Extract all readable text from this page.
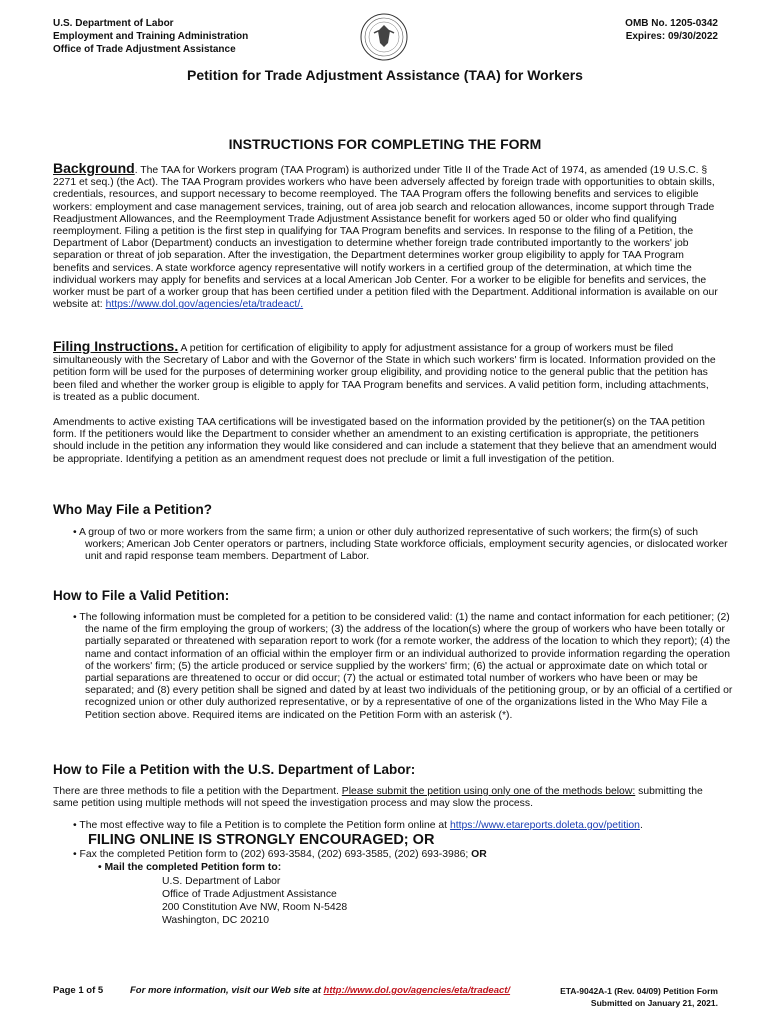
U.S. Department of Labor
Employment and Training Administration
Office of Trade Adjustment Assistance
OMB No. 1205-0342
Expires: 09/30/2022
Petition for Trade Adjustment Assistance (TAA) for Workers
INSTRUCTIONS FOR COMPLETING THE FORM

Background. The TAA for Workers program (TAA Program) is authorized under Title II of the Trade Act of 1974, as amended (19 U.S.C. § 2271 et seq.) (the Act). The TAA Program provides workers who have been adversely affected by foreign trade with opportunities to obtain skills, credentials, resources, and support necessary to become reemployed. The TAA Program offers the following benefits and services to eligible workers: employment and case management services, training, out of area job search and relocation allowances, income support through Trade Readjustment Allowances, and the Reemployment Trade Adjustment Assistance benefit for workers aged 50 or older who find qualifying reemployment. Filing a petition is the first step in qualifying for TAA Program benefits and services. In response to the filing of a Petition, the Department of Labor (Department) conducts an investigation to determine whether foreign trade contributed importantly to the workers' job separation or threat of job separation. After the investigation, the Department determines worker group eligibility to apply for TAA Program benefits and services. A state workforce agency representative will notify workers in a certified group of the determination, at which time the individual workers may apply for benefits and services at a local American Job Center. For a worker to be eligible for benefits and services, the worker must be part of a worker group that has been certified under a petition filed with the Department. Additional information is available on our website at: https://www.dol.gov/agencies/eta/tradeact/.

Filing Instructions. A petition for certification of eligibility to apply for adjustment assistance for a group of workers must be filed simultaneously with the Secretary of Labor and with the Governor of the State in which such workers' firm is located. Information provided on the petition form will be used for the purposes of determining worker group eligibility, and providing notice to the general public that the petition has been filed and whether the worker group is eligible to apply for TAA Program benefits and services. A valid petition form, including attachments, is treated as a public document.

Amendments to active existing TAA certifications will be investigated based on the information provided by the petitioner(s) on the TAA petition form. If the petitioners would like the Department to consider whether an amendment to an existing certification is appropriate, the petitioners should include in the petition any information they would like considered and can include a statement that they believe that an amendment would be appropriate. Identifying a petition as an amendment request does not preclude or limit a full investigation of the petition.

Who May File a Petition?

• A group of two or more workers from the same firm; a union or other duly authorized representative of such workers; the firm(s) of such workers; American Job Center operators or partners, including State workforce officials, employment security agencies, or dislocated worker unit and rapid response team members. Department of Labor.

How to File a Valid Petition:

• The following information must be completed for a petition to be considered valid: (1) the name and contact information for each petitioner; (2) the name of the firm employing the group of workers; (3) the address of the location(s) where the group of workers who have been totally or partially separated or threatened with separation report to work (for a remote worker, the address of the location to which they report); (4) the name and contact information of an official within the employer firm or an individual authorized to provide information regarding the operation of the workers' firm; (5) the article produced or service supplied by the workers' firm; (6) the actual or approximate date on which total or partial separations are threatened to occur or did occur; (7) the actual or estimated total number of workers who have been or may be separated; and (8) every petition shall be signed and dated by at least two individuals of the petitioning group, or by an official of a certified or recognized union or other duly authorized representative, or by a representative of one of the organizations listed in the Who May File a Petition section above. Required items are indicated on the Petition Form with an asterisk (*).

How to File a Petition with the U.S. Department of Labor:

There are three methods to file a petition with the Department. Please submit the petition using only one of the methods below: submitting the same petition using multiple methods will not speed the investigation process and may slow the process.

• The most effective way to file a Petition is to complete the Petition form online at https://www.etareports.doleta.gov/petition.

FILING ONLINE IS STRONGLY ENCOURAGED; OR

• Fax the completed Petition form to (202) 693-3584, (202) 693-3585, (202) 693-3986; OR

• Mail the completed Petition form to:

U.S. Department of Labor
Office of Trade Adjustment Assistance
200 Constitution Ave NW, Room N-5428
Washington, DC 20210
Page 1 of 5	For more information, visit our Web site at http://www.dol.gov/agencies/eta/tradeact/	ETA-9042A-1 (Rev. 04/09) Petition Form
Submitted on January 21, 2021.
